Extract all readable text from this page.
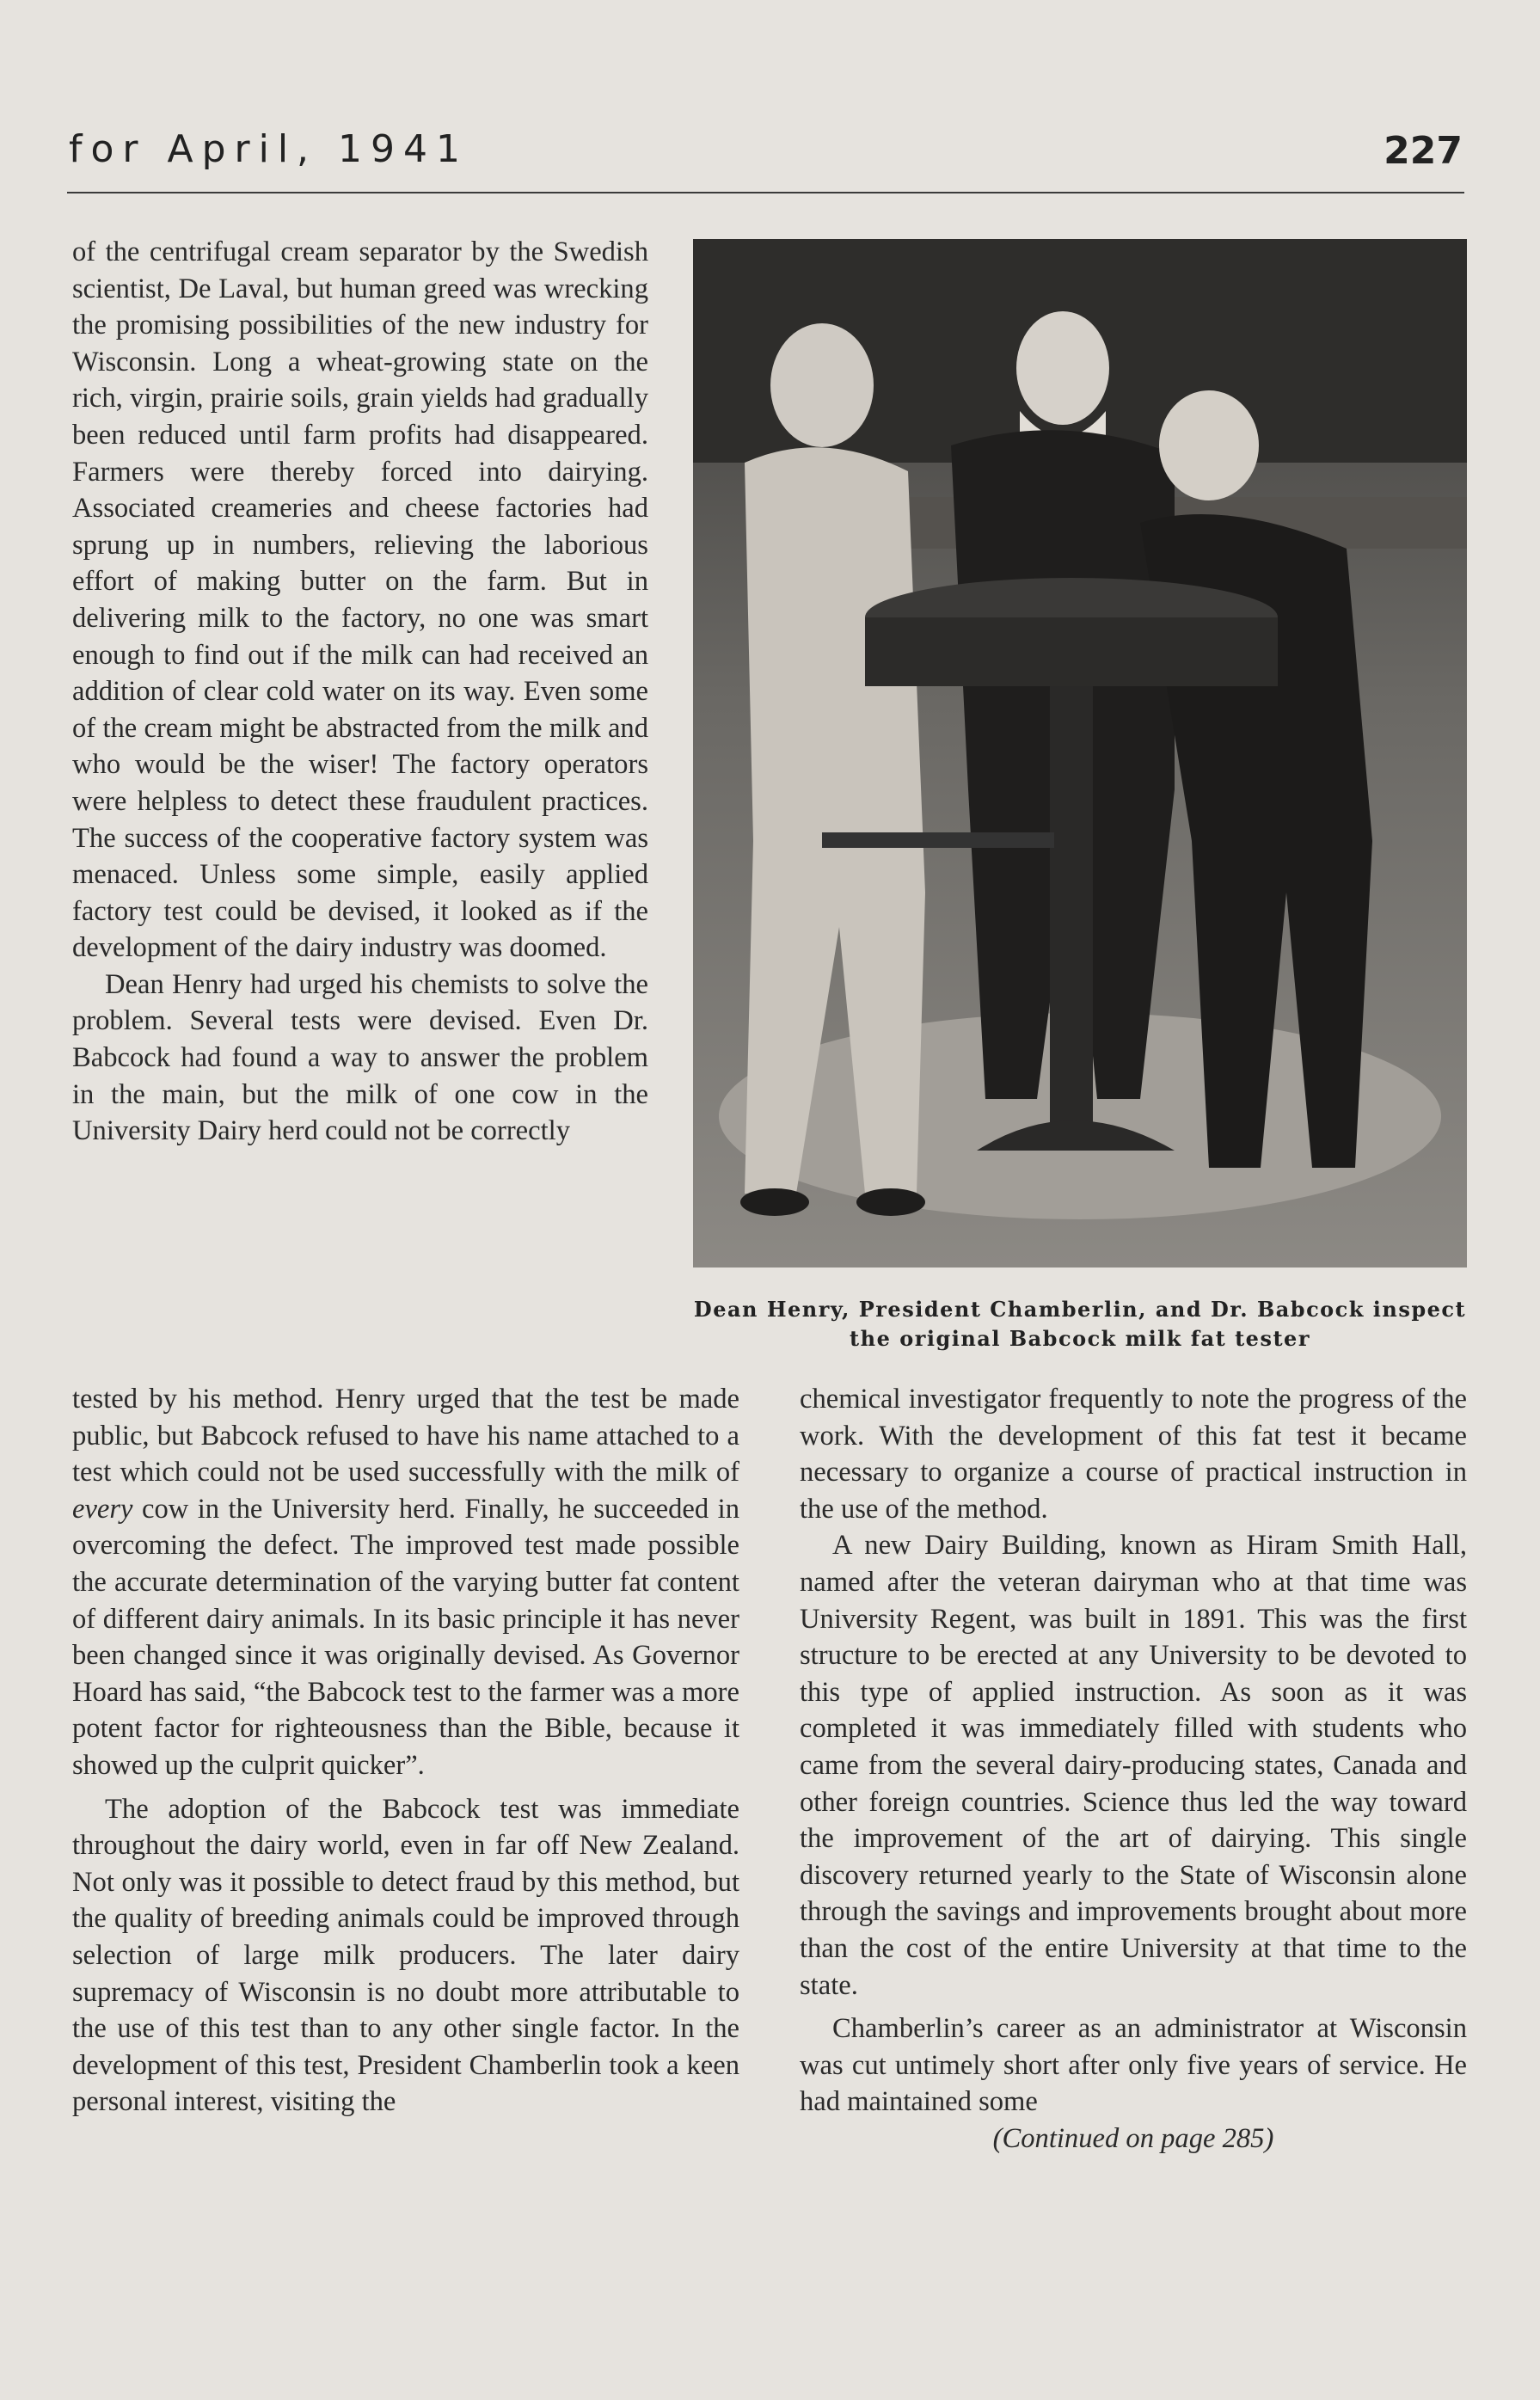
for April, 1941	227

of the centrifugal cream separator by the Swedish scientist, De Laval, but human greed was wrecking the promising possibilities of the new industry for Wisconsin. Long a wheat-growing state on the rich, virgin, prairie soils, grain yields had gradually been reduced until farm profits had disappeared. Farmers were thereby forced into dairying. Associated creameries and cheese factories had sprung up in numbers, relieving the laborious effort of making butter on the farm. But in delivering milk to the factory, no one was smart enough to find out if the milk can had received an addition of clear cold water on its way. Even some of the cream might be abstracted from the milk and who would be the wiser! The factory operators were helpless to detect these fraudulent practices. The success of the cooperative factory system was menaced. Unless some simple, easily applied factory test could be devised, it looked as if the development of the dairy industry was doomed.

Dean Henry had urged his chemists to solve the problem. Several tests were devised. Even Dr. Babcock had found a way to answer the problem in the main, but the milk of one cow in the University Dairy herd could not be correctly

Dean Henry, President Chamberlin, and Dr. Babcock inspect the original Babcock milk fat tester

tested by his method. Henry urged that the test be made public, but Babcock refused to have his name attached to a test which could not be used successfully with the milk of every cow in the University herd. Finally, he succeeded in overcoming the defect. The improved test made possible the accurate determination of the varying butter fat content of different dairy animals. In its basic principle it has never been changed since it was originally devised. As Governor Hoard has said, “the Babcock test to the farmer was a more potent factor for righteousness than the Bible, because it showed up the culprit quicker”.

The adoption of the Babcock test was immediate throughout the dairy world, even in far off New Zealand. Not only was it possible to detect fraud by this method, but the quality of breeding animals could be improved through selection of large milk producers. The later dairy supremacy of Wisconsin is no doubt more attributable to the use of this test than to any other single factor. In the development of this test, President Chamberlin took a keen personal interest, visiting the

chemical investigator frequently to note the progress of the work. With the development of this fat test it became necessary to organize a course of practical instruction in the use of the method.

A new Dairy Building, known as Hiram Smith Hall, named after the veteran dairyman who at that time was University Regent, was built in 1891. This was the first structure to be erected at any University to be devoted to this type of applied instruction. As soon as it was completed it was immediately filled with students who came from the several dairy-producing states, Canada and other foreign countries. Science thus led the way toward the improvement of the art of dairying. This single discovery returned yearly to the State of Wisconsin alone through the savings and improvements brought about more than the cost of the entire University at that time to the state.

Chamberlin’s career as an administrator at Wisconsin was cut untimely short after only five years of service. He had maintained some

(Continued on page 285)
